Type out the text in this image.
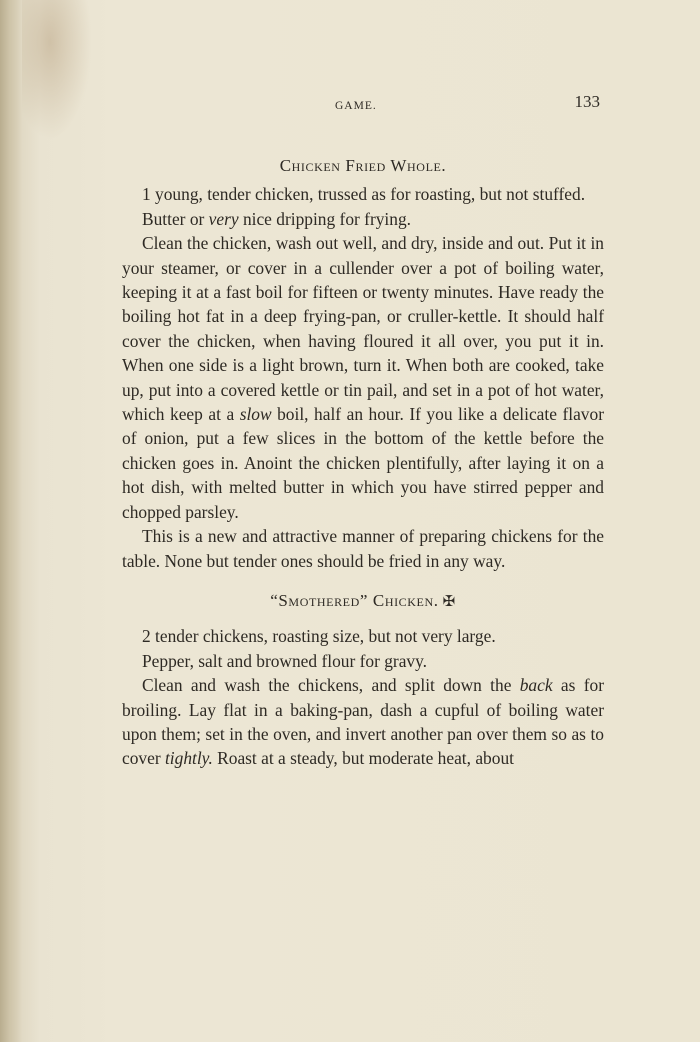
GAME.	133
Chicken Fried Whole.

1 young, tender chicken, trussed as for roasting, but not stuffed.

Butter or very nice dripping for frying.

Clean the chicken, wash out well, and dry, inside and out. Put it in your steamer, or cover in a cullender over a pot of boiling water, keeping it at a fast boil for fifteen or twenty minutes. Have ready the boiling hot fat in a deep frying-pan, or cruller-kettle. It should half cover the chicken, when having floured it all over, you put it in. When one side is a light brown, turn it. When both are cooked, take up, put into a covered kettle or tin pail, and set in a pot of hot water, which keep at a slow boil, half an hour. If you like a delicate flavor of onion, put a few slices in the bottom of the kettle before the chicken goes in. Anoint the chicken plentifully, after laying it on a hot dish, with melted butter in which you have stirred pepper and chopped parsley.

This is a new and attractive manner of preparing chickens for the table. None but tender ones should be fried in any way.

“Smothered” Chicken. ✠

2 tender chickens, roasting size, but not very large.

Pepper, salt and browned flour for gravy.

Clean and wash the chickens, and split down the back as for broiling. Lay flat in a baking-pan, dash a cupful of boiling water upon them; set in the oven, and invert another pan over them so as to cover tightly. Roast at a steady, but moderate heat, about
